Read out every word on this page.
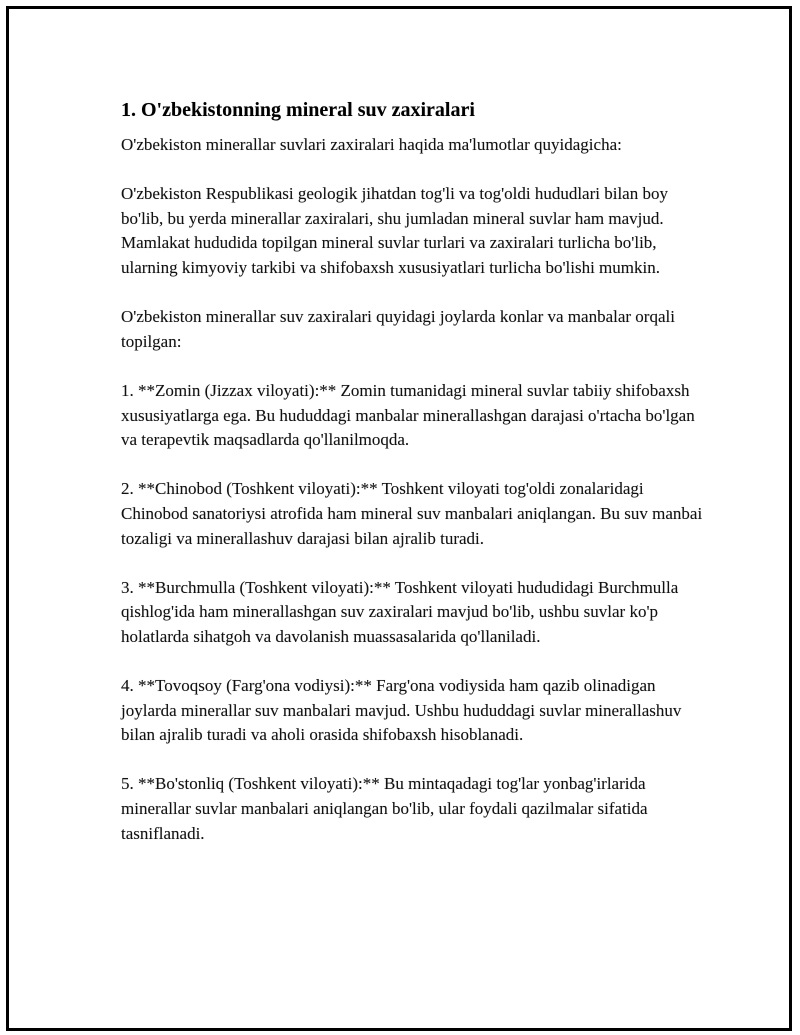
1. O'zbekistonning mineral suv zaxiralari

O'zbekiston minerallar suvlari zaxiralari haqida ma'lumotlar quyidagicha:

O'zbekiston Respublikasi geologik jihatdan tog'li va tog'oldi hududlari bilan boy bo'lib, bu yerda minerallar zaxiralari, shu jumladan mineral suvlar ham mavjud. Mamlakat hududida topilgan mineral suvlar turlari va zaxiralari turlicha bo'lib, ularning kimyoviy tarkibi va shifobaxsh xususiyatlari turlicha bo'lishi mumkin.

O'zbekiston minerallar suv zaxiralari quyidagi joylarda konlar va manbalar orqali topilgan:

1. **Zomin (Jizzax viloyati):** Zomin tumanidagi mineral suvlar tabiiy shifobaxsh xususiyatlarga ega. Bu hududdagi manbalar minerallashgan darajasi o'rtacha bo'lgan va terapevtik maqsadlarda qo'llanilmoqda.

2. **Chinobod (Toshkent viloyati):** Toshkent viloyati tog'oldi zonalaridagi Chinobod sanatoriysi atrofida ham mineral suv manbalari aniqlangan. Bu suv manbai tozaligi va minerallashuv darajasi bilan ajralib turadi.

3. **Burchmulla (Toshkent viloyati):** Toshkent viloyati hududidagi Burchmulla qishlog'ida ham minerallashgan suv zaxiralari mavjud bo'lib, ushbu suvlar ko'p holatlarda sihatgoh va davolanish muassasalarida qo'llaniladi.

4. **Tovoqsoy (Farg'ona vodiysi):** Farg'ona vodiysida ham qazib olinadigan joylarda minerallar suv manbalari mavjud. Ushbu hududdagi suvlar minerallashuv bilan ajralib turadi va aholi orasida shifobaxsh hisoblanadi.

5. **Bo'stonliq (Toshkent viloyati):** Bu mintaqadagi tog'lar yonbag'irlarida minerallar suvlar manbalari aniqlangan bo'lib, ular foydali qazilmalar sifatida tasniflanadi.
